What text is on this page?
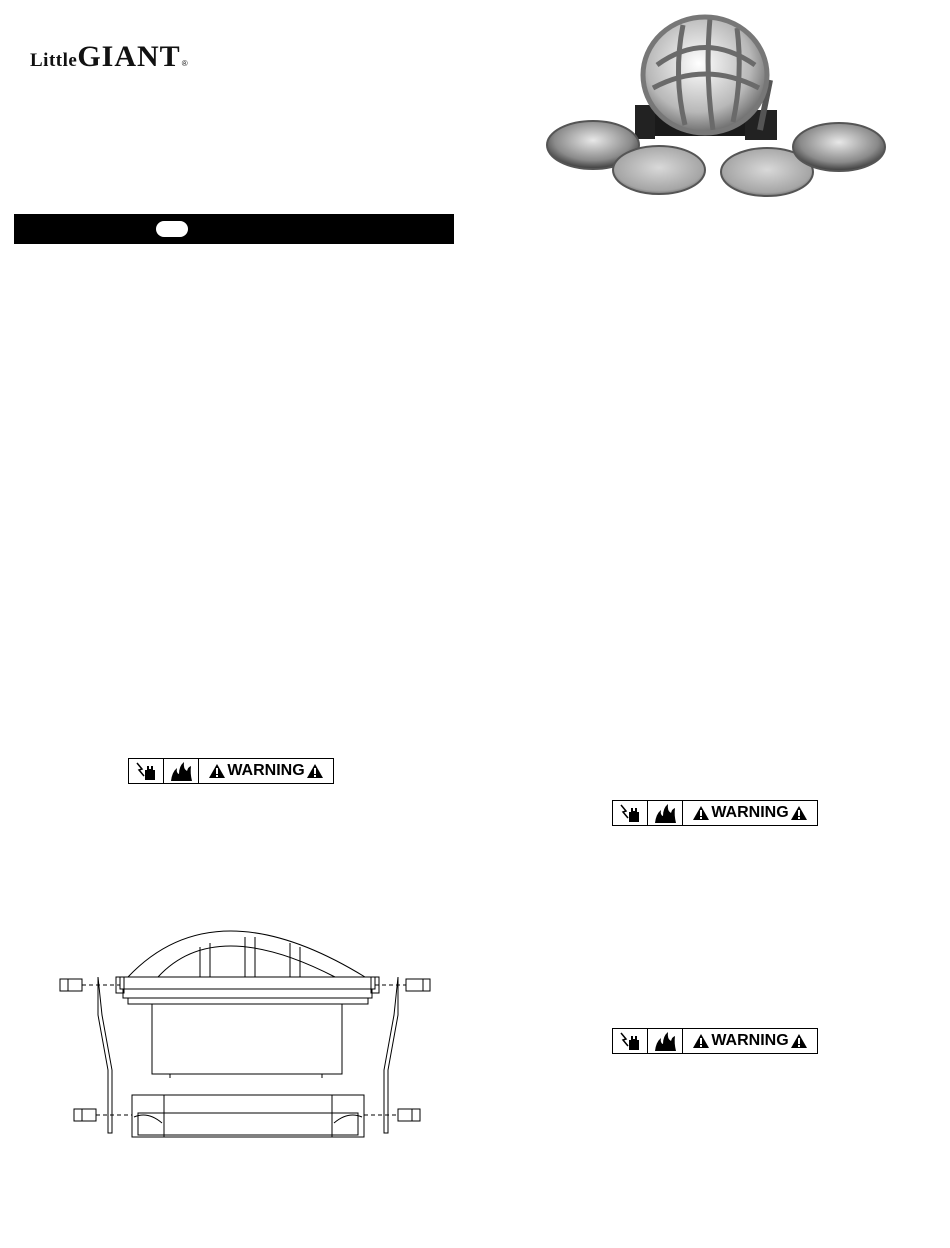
Little GIANT ®
WARNING
WARNING
WARNING
